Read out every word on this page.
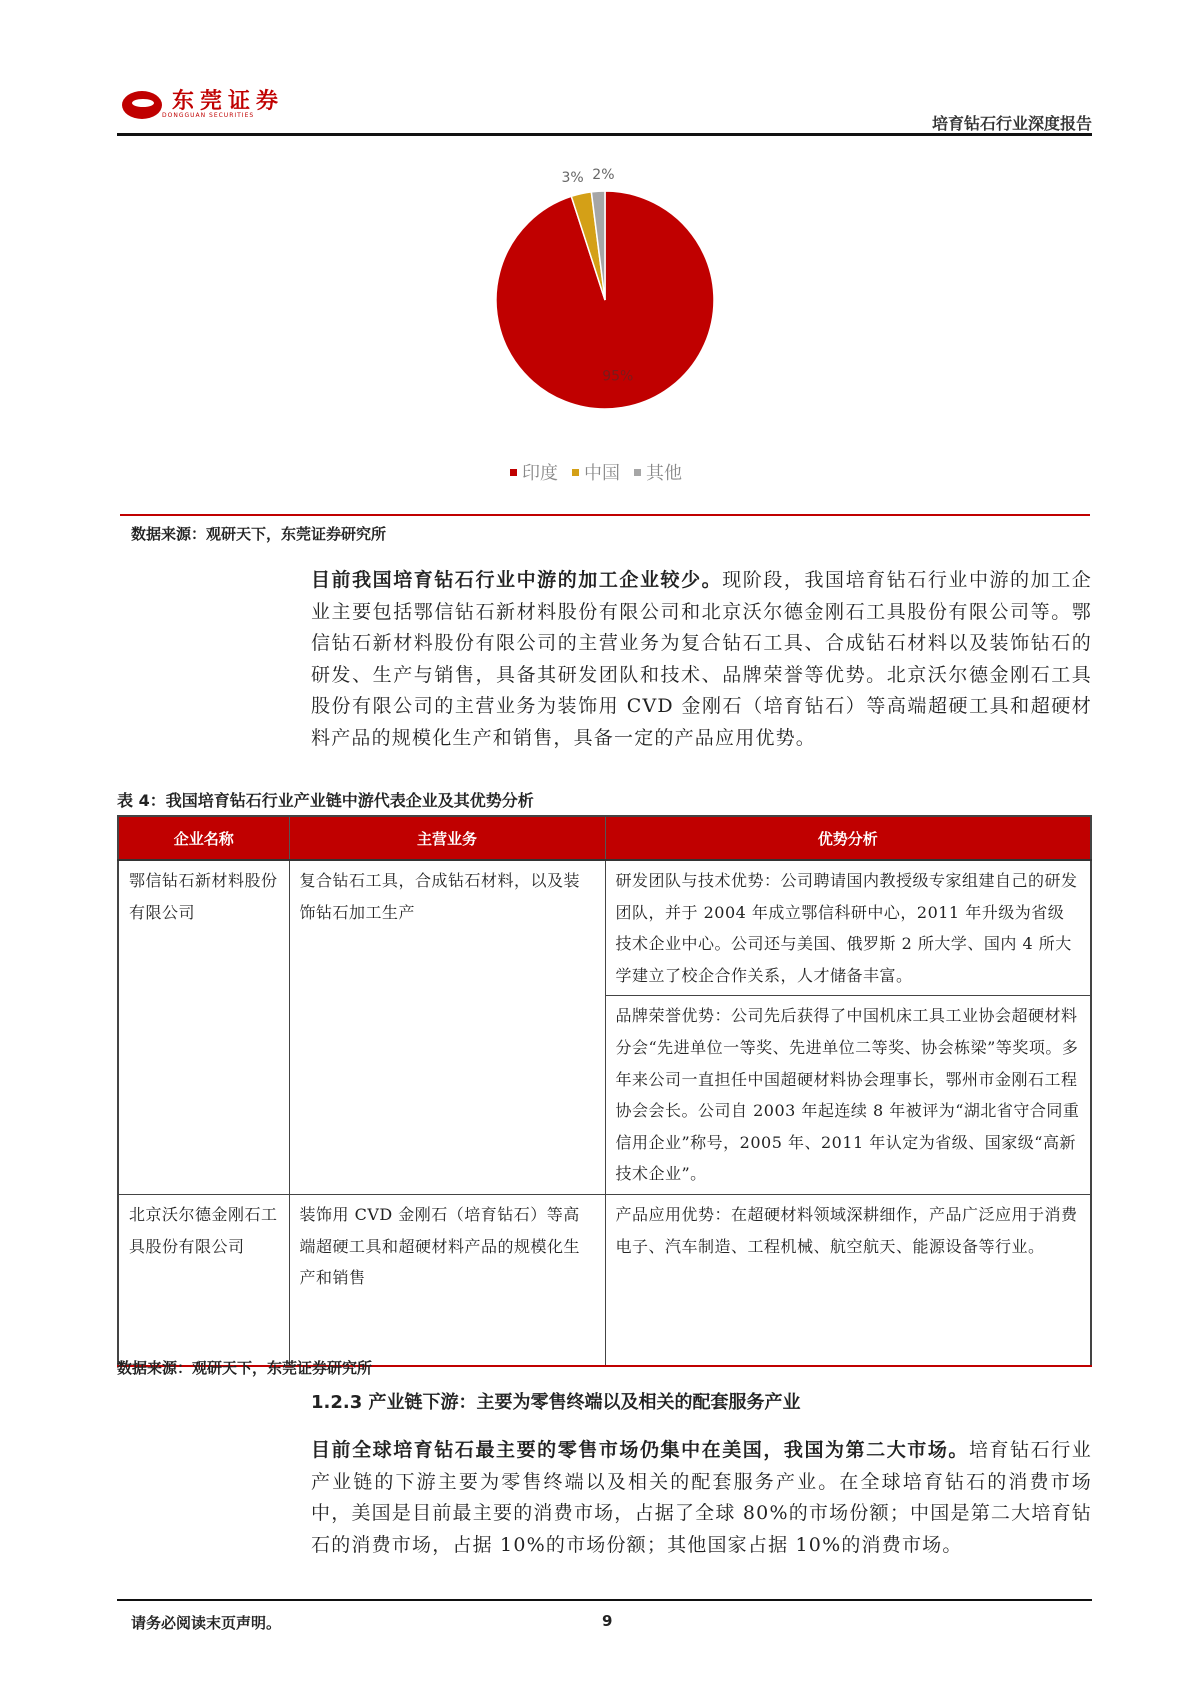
东莞证券
DONGGUAN SECURITIES	培育钻石行业深度报告
95%
3% 2%
印度 中国 其他
数据来源：观研天下，东莞证券研究所
目前我国培育钻石行业中游的加工企业较少。现阶段，我国培育钻石行业中游的加工企业主要包括鄂信钻石新材料股份有限公司和北京沃尔德金刚石工具股份有限公司等。鄂信钻石新材料股份有限公司的主营业务为复合钻石工具、合成钻石材料以及装饰钻石的研发、生产与销售，具备其研发团队和技术、品牌荣誉等优势。北京沃尔德金刚石工具股份有限公司的主营业务为装饰用 CVD 金刚石（培育钻石）等高端超硬工具和超硬材料产品的规模化生产和销售，具备一定的产品应用优势。
表 4：我国培育钻石行业产业链中游代表企业及其优势分析
企业名称	主营业务	优势分析
鄂信钻石新材料股份有限公司	复合钻石工具，合成钻石材料，以及装饰钻石加工生产	研发团队与技术优势：公司聘请国内教授级专家组建自己的研发团队，并于 2004 年成立鄂信科研中心，2011 年升级为省级技术企业中心。公司还与美国、俄罗斯 2 所大学、国内 4 所大学建立了校企合作关系，人才储备丰富。
		品牌荣誉优势：公司先后获得了中国机床工具工业协会超硬材料分会“先进单位一等奖、先进单位二等奖、协会栋梁”等奖项。多年来公司一直担任中国超硬材料协会理事长，鄂州市金刚石工程协会会长。公司自 2003 年起连续 8 年被评为“湖北省守合同重信用企业”称号，2005 年、2011 年认定为省级、国家级“高新技术企业”。
北京沃尔德金刚石工具股份有限公司	装饰用 CVD 金刚石（培育钻石）等高端超硬工具和超硬材料产品的规模化生产和销售	产品应用优势：在超硬材料领域深耕细作，产品广泛应用于消费电子、汽车制造、工程机械、航空航天、能源设备等行业。
数据来源：观研天下，东莞证券研究所
1.2.3 产业链下游：主要为零售终端以及相关的配套服务产业
目前全球培育钻石最主要的零售市场仍集中在美国，我国为第二大市场。培育钻石行业产业链的下游主要为零售终端以及相关的配套服务产业。在全球培育钻石的消费市场中，美国是目前最主要的消费市场，占据了全球 80%的市场份额；中国是第二大培育钻石的消费市场，占据 10%的市场份额；其他国家占据 10%的消费市场。
请务必阅读末页声明。	9
